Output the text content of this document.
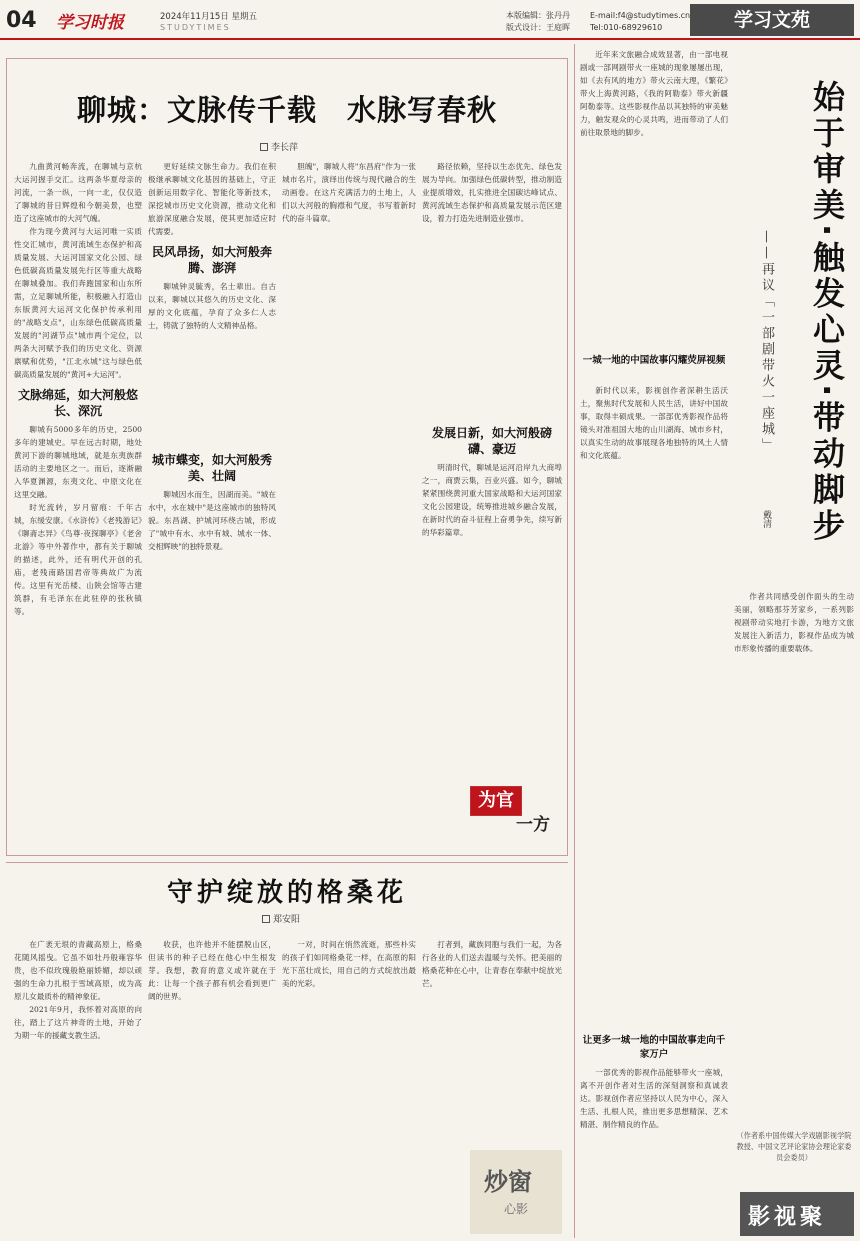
04 学习时报	2024年11月15日 星期五
STUDYTIMES
本版编辑：张丹丹
版式设计：王庭晖
E-mail:f4@studytimes.cn
Tel:010-68929610	学习文苑
聊城：文脉传千载　水脉写春秋
李长萍

九曲黄河畅奔流，在聊城与京杭大运河握手交汇。这两条华夏母亲的河流，一条一纵，一向一北，仅仅造了聊城的昔日辉煌和今朝美景，也塑造了这座城市的大河气魄。

作为现今黄河与大运河唯一实质性交汇城市，黄河流域生态保护和高质量发展、大运河国家文化公园、绿色低碳高质量发展先行区等重大战略在聊城叠加。我们奔跑国家和山东所需，立足聊城所能，积极融入打造山东版黄河大运河文化保护传承利用的"战略支点"，山东绿色低碳高质量发展的"河湖节点"城市两个定位，以两条大河赋予我们的历史文化、资源禀赋和优势，"江北水城"这与绿色低碳高质量发展的"黄河+大运河"。

文脉绵延，如大河般悠长、深沉

聊城有5000多年的历史，2500多年的建城史。早在远古时期，地处黄河下游的聊城地域，就是东夷族群活动的主要地区之一。而后，逐渐融入华夏渊源，东夷文化、中原文化在这里交融。

时光流转，岁月留痕：千年古城，东缓安康。《水浒传》《老残游记》《聊斋志异》《鸟尊·夜探聊亭》《老舍北游》等中外著作中，都有关于聊城的描述，此外，还有明代开创的孔庙，老残南路国君帝等典故广为流传。这里有光岳楼、山陕会馆等古建筑群，有毛泽东在此驻停的张秋镇等。

更好延续文脉生命力。我们在积极继承聊城文化基因的基础上，守正创新运用数字化、智能化等新技术，深挖城市历史文化资源，推动文化和旅游深度融合发展，使其更加适应时代需要。

民风昂扬，如大河般奔腾、澎湃

聊城钟灵毓秀，名士辈出。自古以来，聊城以其悠久的历史文化、深厚的文化底蕴，孕育了众多仁人志士，铸就了独特的人文精神品格。

城市蝶变，如大河般秀美、壮阔

聊城因水而生，因湖而美。"城在水中，水在城中"是这座城市的独特风貌。东昌湖、护城河环绕古城，形成了"城中有水、水中有城、城水一体、交相辉映"的独特景观。

胆魄"，聊城人将"东昌府"作为一张城市名片，演绎出传统与现代融合的生动画卷。在这片充满活力的土地上，人们以大河般的胸襟和气度，书写着新时代的奋斗篇章。

路径依赖，坚持以生态优先、绿色发展为导向。加强绿色低碳转型，推动制造业提质增效，扎实推进全国碳达峰试点、黄河流域生态保护和高质量发展示范区建设，着力打造先进制造业强市。

发展日新，如大河般磅礴、豪迈

明清时代，聊城是运河沿岸九大商埠之一，商贾云集，百业兴盛。如今，聊城紧紧围绕黄河重大国家战略和大运河国家文化公园建设，统筹推进城乡融合发展，在新时代的奋斗征程上奋勇争先，续写新的华彩篇章。

为官
一方
守护绽放的格桑花
郑安阳

在广袤无垠的青藏高原上，格桑花随风摇曳。它虽不如牡丹般雍容华贵，也不似玫瑰般艳丽娇媚，却以顽强的生命力扎根于雪域高原，成为高原儿女最质朴的精神象征。

2021年9月，我怀着对高原的向往，踏上了这片神奇的土地，开始了为期一年的援藏支教生活。

收获，也许他并不能摆脱山区，但读书的种子已经在他心中生根发芽。我想，教育的意义或许就在于此：让每一个孩子都有机会看到更广阔的世界。

一对，时间在悄然流逝，那些朴实的孩子们如同格桑花一样，在高原的阳光下茁壮成长，用自己的方式绽放出最美的光彩。

打者到，藏族同胞与我们一起，为各行各业的人们送去温暖与关怀。把美丽的格桑花种在心中，让青春在奉献中绽放光芒。

炒窗
心影
始于审美·触发心灵·带动脚步
——再议「一部剧带火一座城」
戴清

近年来文旅融合成效显著，由一部电视剧或一部网剧带火一座城的现象屡屡出现，如《去有风的地方》带火云南大理，《繁花》带火上海黄河路，《我的阿勒泰》带火新疆阿勒泰等。这些影视作品以其独特的审美魅力，触发观众的心灵共鸣，进而带动了人们前往取景地的脚步。

一城一地的中国故事闪耀荧屏视频

新时代以来，影视创作者深耕生活沃土，聚焦时代发展和人民生活，讲好中国故事，取得丰硕成果。一部部优秀影视作品将镜头对准祖国大地的山川湖海、城市乡村，以真实生动的故事展现各地独特的风土人情和文化底蕴。

作者共同感受创作面头的生动美丽，领略那芬芳家乡，一系列影视剧带动实地打卡游，为地方文旅发展注入新活力，影视作品成为城市形象传播的重要载体。

让更多一城一地的中国故事走向千家万户

一部优秀的影视作品能够带火一座城，离不开创作者对生活的深刻洞察和真诚表达。影视创作者应坚持以人民为中心，深入生活、扎根人民，推出更多思想精深、艺术精湛、制作精良的作品。

（作者系中国传媒大学戏剧影视学院教授、中国文艺评论家协会理论家委员会委员）
影视聚
